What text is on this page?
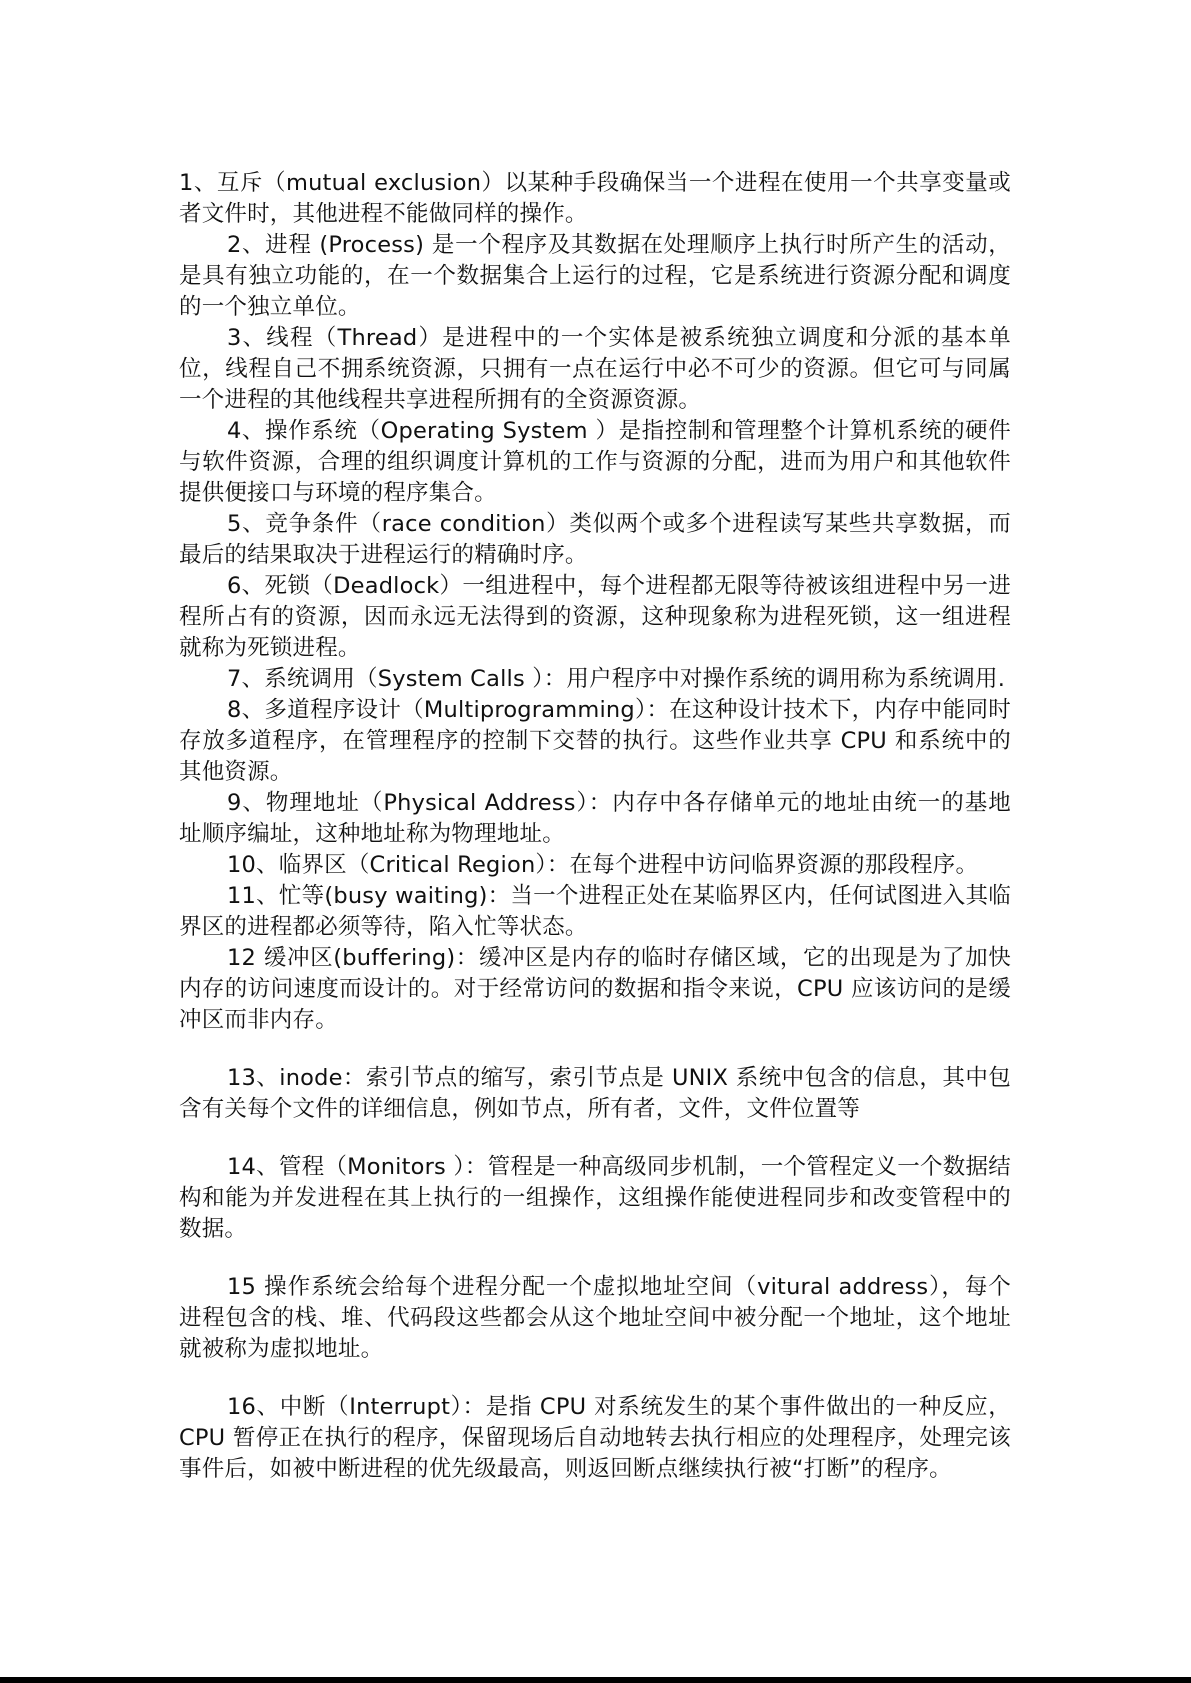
1、互斥（mutual exclusion）以某种手段确保当一个进程在使用一个共享变量或者文件时，其他进程不能做同样的操作。

2、进程 (Process) 是一个程序及其数据在处理顺序上执行时所产生的活动，是具有独立功能的，在一个数据集合上运行的过程，它是系统进行资源分配和调度的一个独立单位。

3、线程（Thread）是进程中的一个实体是被系统独立调度和分派的基本单位，线程自己不拥系统资源，只拥有一点在运行中必不可少的资源。但它可与同属一个进程的其他线程共享进程所拥有的全资源资源。

4、操作系统（Operating System ）是指控制和管理整个计算机系统的硬件与软件资源，合理的组织调度计算机的工作与资源的分配，进而为用户和其他软件提供便接口与环境的程序集合。

5、竞争条件（race condition）类似两个或多个进程读写某些共享数据，而最后的结果取决于进程运行的精确时序。

6、死锁（Deadlock）一组进程中，每个进程都无限等待被该组进程中另一进程所占有的资源，因而永远无法得到的资源，这种现象称为进程死锁，这一组进程就称为死锁进程。

7、系统调用（System Calls ）：用户程序中对操作系统的调用称为系统调用.

8、多道程序设计（Multiprogramming）：在这种设计技术下，内存中能同时存放多道程序，在管理程序的控制下交替的执行。这些作业共享 CPU 和系统中的其他资源。

9、物理地址（Physical Address）：内存中各存储单元的地址由统一的基地址顺序编址，这种地址称为物理地址。

10、临界区（Critical Region）：在每个进程中访问临界资源的那段程序。

11、忙等(busy waiting)：当一个进程正处在某临界区内，任何试图进入其临界区的进程都必须等待，陷入忙等状态。

12 缓冲区(buffering)：缓冲区是内存的临时存储区域，它的出现是为了加快内存的访问速度而设计的。对于经常访问的数据和指令来说，CPU 应该访问的是缓冲区而非内存。

13、inode：索引节点的缩写，索引节点是 UNIX 系统中包含的信息，其中包含有关每个文件的详细信息，例如节点，所有者，文件，文件位置等

14、管程（Monitors ）：管程是一种高级同步机制，一个管程定义一个数据结构和能为并发进程在其上执行的一组操作，这组操作能使进程同步和改变管程中的数据。

15 操作系统会给每个进程分配一个虚拟地址空间（vitural address），每个进程包含的栈、堆、代码段这些都会从这个地址空间中被分配一个地址，这个地址就被称为虚拟地址。

16、中断（Interrupt）：是指 CPU 对系统发生的某个事件做出的一种反应，CPU 暂停正在执行的程序，保留现场后自动地转去执行相应的处理程序，处理完该事件后，如被中断进程的优先级最高，则返回断点继续执行被“打断”的程序。
